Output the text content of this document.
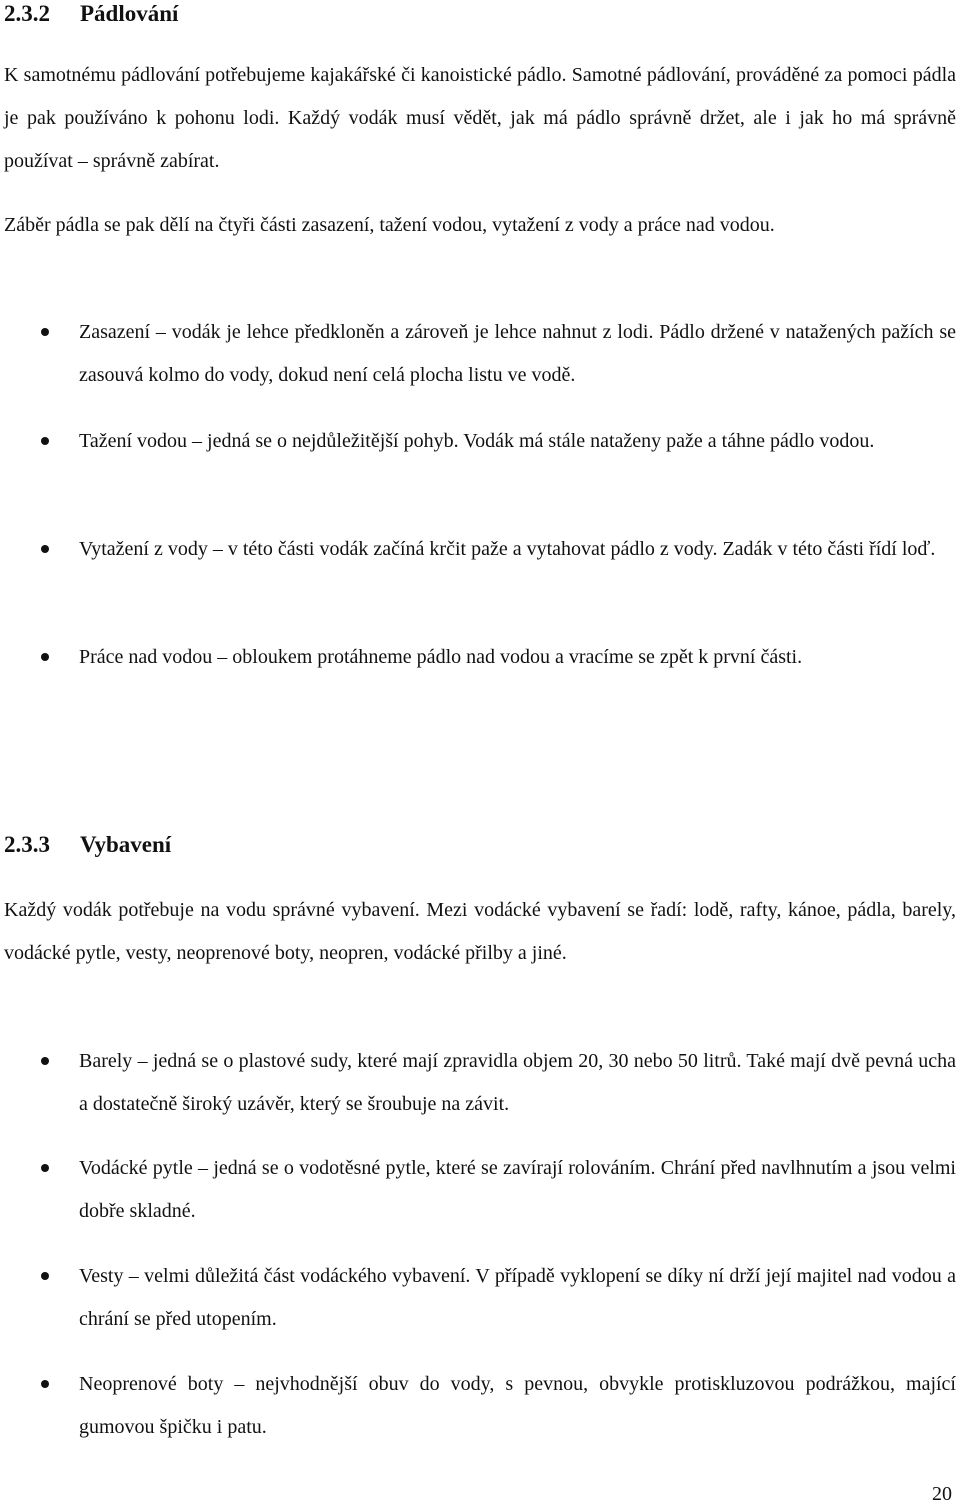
2.3.2 Pádlování

K samotnému pádlování potřebujeme kajakářské či kanoistické pádlo. Samotné pádlování, prováděné za pomoci pádla je pak používáno k pohonu lodi. Každý vodák musí vědět, jak má pádlo správně držet, ale i jak ho má správně používat – správně zabírat.

Záběr pádla se pak dělí na čtyři části zasazení, tažení vodou, vytažení z vody a práce nad vodou.

Zasazení – vodák je lehce předkloněn a zároveň je lehce nahnut z lodi. Pádlo držené v natažených pažích se zasouvá kolmo do vody, dokud není celá plocha listu ve vodě.

Tažení vodou – jedná se o nejdůležitější pohyb. Vodák má stále nataženy paže a táhne pádlo vodou.

Vytažení z vody – v této části vodák začíná krčit paže a vytahovat pádlo z vody. Zadák v této části řídí loď.

Práce nad vodou – obloukem protáhneme pádlo nad vodou a vracíme se zpět k první části.

2.3.3 Vybavení

Každý vodák potřebuje na vodu správné vybavení. Mezi vodácké vybavení se řadí: lodě, rafty, kánoe, pádla, barely, vodácké pytle, vesty, neoprenové boty, neopren, vodácké přilby a jiné.

Barely – jedná se o plastové sudy, které mají zpravidla objem 20, 30 nebo 50 litrů. Také mají dvě pevná ucha a dostatečně široký uzávěr, který se šroubuje na závit.

Vodácké pytle – jedná se o vodotěsné pytle, které se zavírají rolováním. Chrání před navlhnutím a jsou velmi dobře skladné.

Vesty – velmi důležitá část vodáckého vybavení. V případě vyklopení se díky ní drží její majitel nad vodou a chrání se před utopením.

Neoprenové boty – nejvhodnější obuv do vody, s pevnou, obvykle protiskluzovou podrážkou, mající gumovou špičku i patu.

20
